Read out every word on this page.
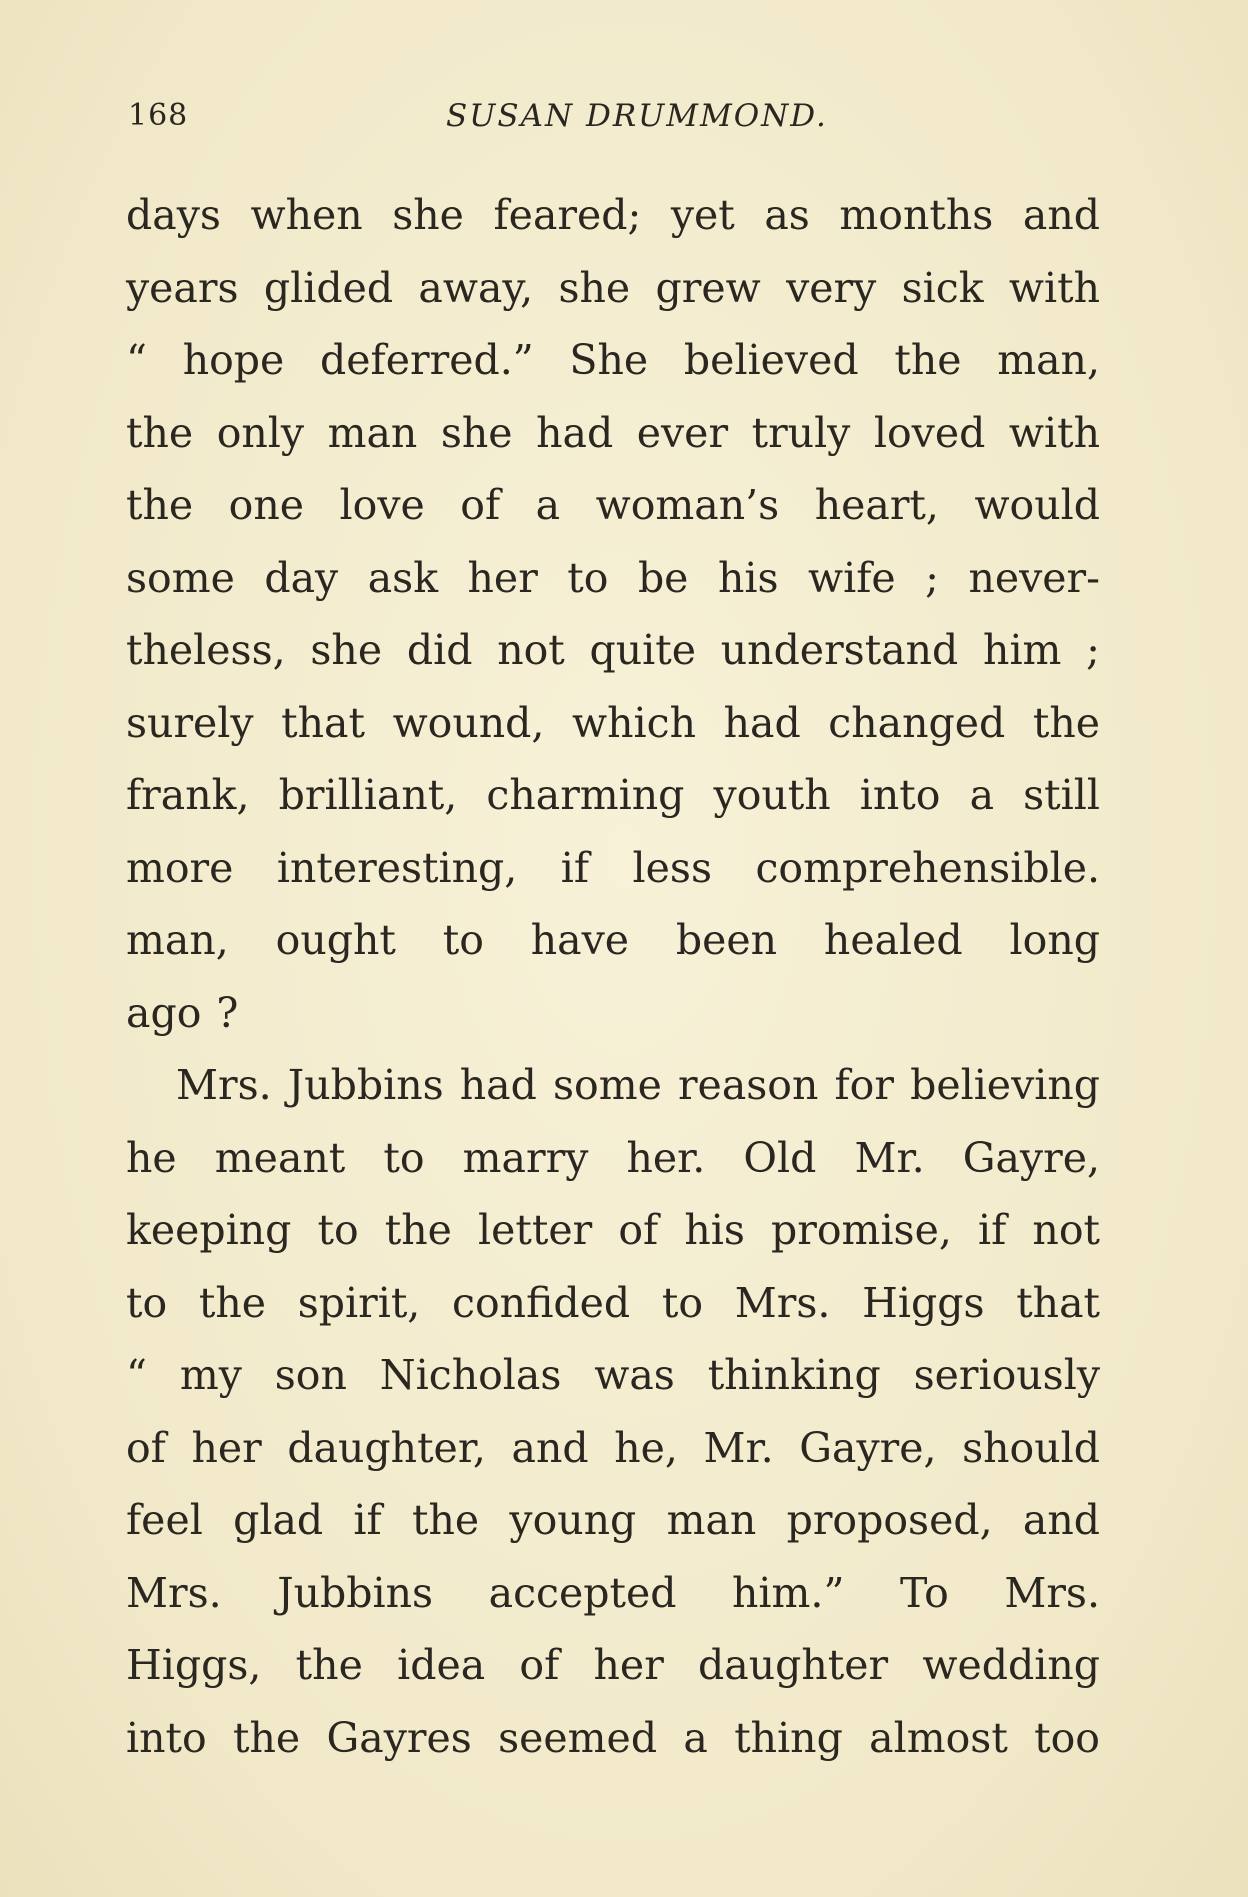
168	SUSAN DRUMMOND.
days when she feared; yet as months and
years glided away, she grew very sick with
“ hope deferred.” She believed the man,
the only man she had ever truly loved with
the one love of a woman’s heart, would
some day ask her to be his wife ; never-
theless, she did not quite understand him ;
surely that wound, which had changed the
frank, brilliant, charming youth into a still
more interesting, if less comprehensible.
man, ought to have been healed long
ago ?
Mrs. Jubbins had some reason for believing
he meant to marry her. Old Mr. Gayre,
keeping to the letter of his promise, if not
to the spirit, confided to Mrs. Higgs that
“ my son Nicholas was thinking seriously
of her daughter, and he, Mr. Gayre, should
feel glad if the young man proposed, and
Mrs. Jubbins accepted him.” To Mrs.
Higgs, the idea of her daughter wedding
into the Gayres seemed a thing almost too
